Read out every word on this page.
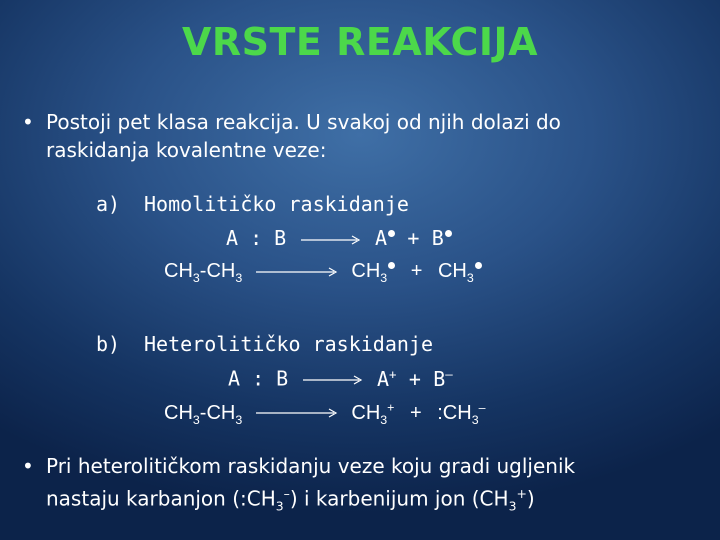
VRSTE REAKCIJA
• Postoji pet klasa reakcija. U svakoj od njih dolazi do
raskidanja kovalentne veze:
a) Homolitičko raskidanje
A : B	A + B
$CH_3-CH_3$	$CH_3 + CH_3$
b) Heterolitičko raskidanje
A : B	A+ + B–
$CH_3-CH_3$	$CH_3^+$ + $:CH_3^-$
• Pri heterolitičkom raskidanju veze koju gradi ugljenik
nastaju karbanjon $(:CH_3^-)$ i karbenijum jon $(CH_3^+)$
